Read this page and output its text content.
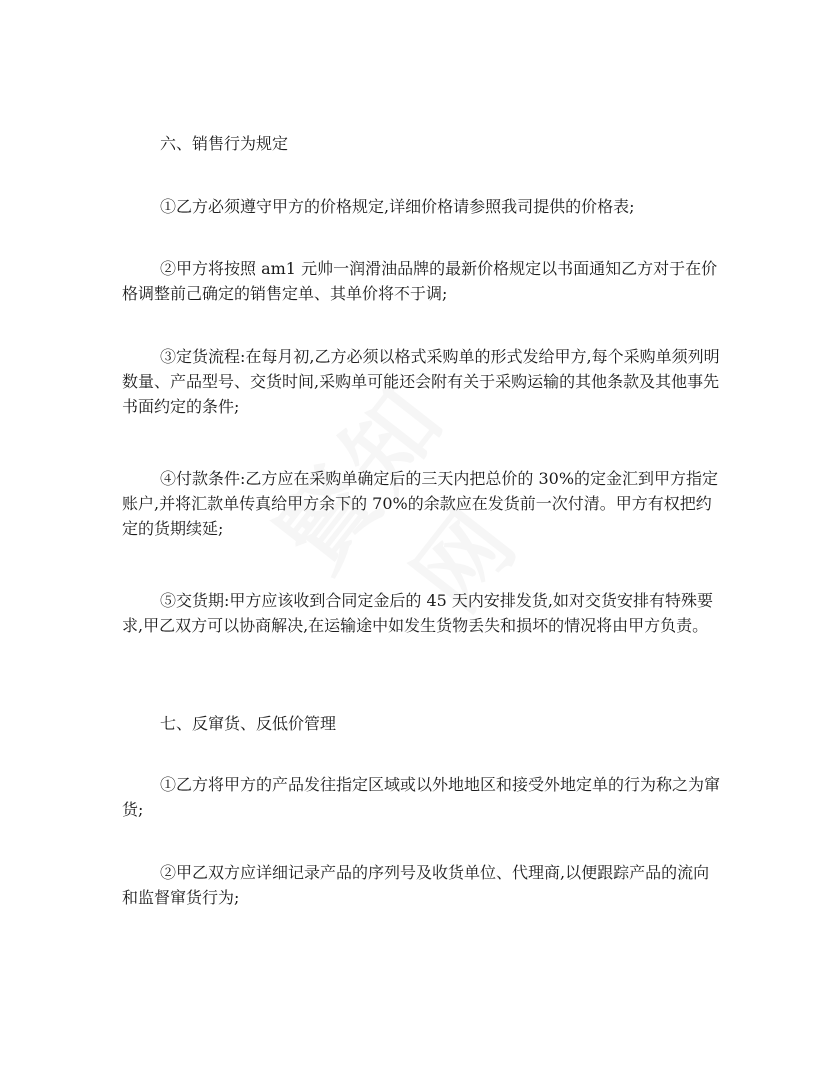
六、销售行为规定

①乙方必须遵守甲方的价格规定,详细价格请参照我司提供的价格表;

②甲方将按照 am1 元帅一润滑油品牌的最新价格规定以书面通知乙方对于在价格调整前己确定的销售定单、其单价将不于调;

③定货流程:在每月初,乙方必须以格式采购单的形式发给甲方,每个采购单须列明数量、产品型号、交货时间,采购单可能还会附有关于采购运输的其他条款及其他事先书面约定的条件;

④付款条件:乙方应在采购单确定后的三天内把总价的 30%的定金汇到甲方指定账户,并将汇款单传真给甲方余下的 70%的余款应在发货前一次付清。甲方有权把约定的货期续延;

⑤交货期:甲方应该收到合同定金后的 45 天内安排发货,如对交货安排有特殊要求,甲乙双方可以协商解决,在运输途中如发生货物丢失和损坏的情况将由甲方负责。

七、反窜货、反低价管理

①乙方将甲方的产品发往指定区域或以外地地区和接受外地定单的行为称之为窜货;

②甲乙双方应详细记录产品的序列号及收货单位、代理商,以便跟踪产品的流向和监督窜货行为;
